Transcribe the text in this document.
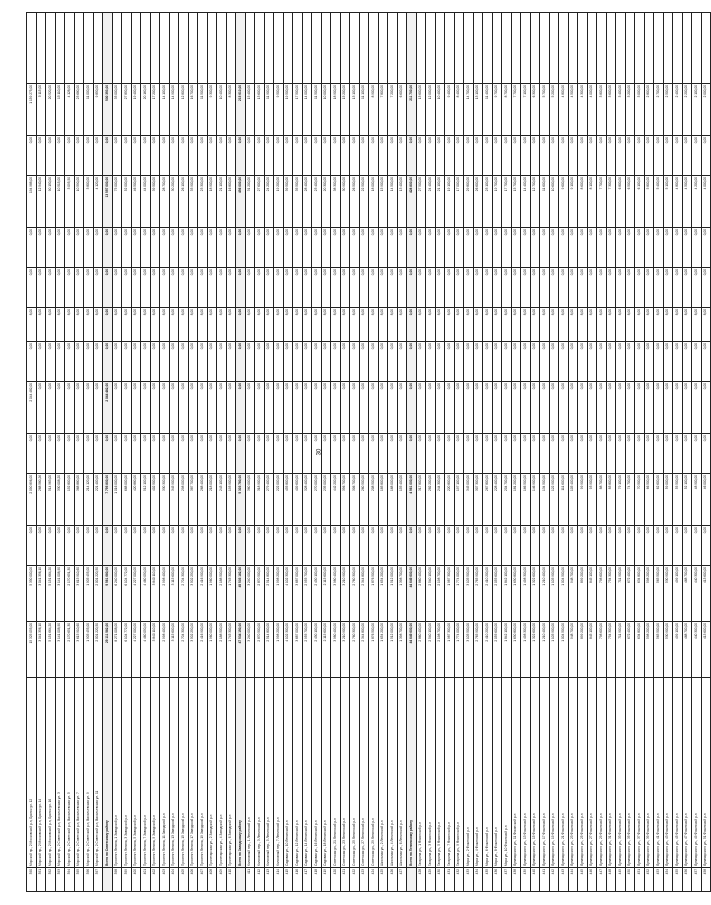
390	Морской пр., 2 Московский р-н, Брянск ул. 12	15 325 055,00	5 330 000,00	0,00	2 090 896,00	0,00	2 044 482,00	0,00	8,00	0,00	0,00	194 988,00	0,00	1 159 275,00	
391	Морской пр., 2 Московский р-н, Брянск ул. 14	3 041 356,10	3 041 356,10	0,00	268 580,26	0,00	0,00	0,00	8,00	0,00	0,00	12 540,00	0,00	5 115,00	
392	Морской пр., 2 Московский р-н, Брянск ул. 16	5 151 664,20	5 151 664,20	0,00	514 963,00	0,00	0,00	0,00	8,00	0,00	0,00	90 150,00	0,00	20 520,00	
393	Морской пр., 2 Советский р-н, Васильевская ул. 3	3 141 008,90	3 141 008,90	0,00	330 008,20	0,00	0,00	0,00	8,00	0,00	0,00	10 515,00	0,00	15 110,00	
394	Морской пр., 2 Советский р-н, Васильевская ул. 5	2 170 651,30	2 170 651,30	0,00	152 800,00	0,00	0,00	0,00	8,00	0,00	0,00	3 095,50	0,00	4 128,00	
395	Морской пр., 2 Советский р-н, Васильевская ул. 7	3 615 910,60	3 615 910,60	0,00	368 880,00	0,00	0,00	0,00	8,00	0,00	0,00	10 590,00	0,00	23 680,00	
396	Морской пр., 2 Советский р-н, Васильевская ул. 9	1 905 455,00	1 905 455,00	0,00	214 120,00	0,00	0,00	0,00	8,00	0,00	0,00	3 800,00	0,00	11 000,00	
397	Морской пр., 2 Советский р-н, Васильевская ул. 11	2 001 220,50	2 001 220,50	0,00	221 400,00	0,00	0,00	0,00	8,00	0,00	0,00	4 120,00	0,00	9 850,00	
	Всего по Советскому району	29 111 582,00	9 561 680,00	0,00	7 795 800,00	0,00	2 044 482,00	0,00	0,00	0,00	0,00	13 597 000,00	0,00	500 393,00	
398	Проспект Ленина, 1 Заводской р-н	8 271 008,00	6 240 000,00	0,00	1 016 000,00	0,00	0,00	0,00	8,00	0,00	0,00	75 000,00	0,00	33 000,00	
399	Проспект Ленина, 3 Заводской р-н	6 104 772,00	6 104 772,00	0,00	668 000,00	0,00	0,00	0,00	8,00	0,00	0,00	52 000,00	0,00	27 850,00	
400	Проспект Ленина, 5 Заводской р-н	4 227 000,00	4 227 000,00	0,00	420 880,00	0,00	0,00	0,00	8,00	0,00	0,00	46 500,00	0,00	19 400,00	
401	Проспект Ленина, 7 Заводской р-н	4 460 050,00	4 460 050,00	0,00	512 100,00	0,00	0,00	0,00	8,00	0,00	0,00	44 000,00	0,00	20 160,00	
402	Проспект Ленина, 9 Заводской р-н	3 840 110,00	3 840 110,00	0,00	402 500,00	0,00	0,00	0,00	8,00	0,00	0,00	39 500,00	0,00	17 200,00	
403	Проспект Ленина, 11 Заводской р-н	2 998 400,00	2 998 400,00	0,00	330 300,00	0,00	0,00	0,00	8,00	0,00	0,00	28 700,00	0,00	14 100,00	
404	Проспект Ленина, 13 Заводской р-н	3 115 600,00	3 115 600,00	0,00	345 900,00	0,00	0,00	0,00	8,00	0,00	0,00	30 200,00	0,00	14 900,00	
405	Проспект Ленина, 15 Заводской р-н	2 704 300,00	2 704 300,00	0,00	298 000,00	0,00	0,00	0,00	8,00	0,00	0,00	26 100,00	0,00	12 800,00	
406	Проспект Ленина, 17 Заводской р-н	3 502 250,00	3 502 250,00	0,00	387 700,00	0,00	0,00	0,00	8,00	0,00	0,00	33 900,00	0,00	16 700,00	
407	Проспект Ленина, 19 Заводской р-н	2 416 900,00	2 416 900,00	0,00	268 400,00	0,00	0,00	0,00	8,00	0,00	0,00	23 300,00	0,00	11 500,00	
408	Пролетарская ул., 2 Заводской р-н	1 960 000,00	1 960 000,00	0,00	218 000,00	0,00	0,00	0,00	8,00	0,00	0,00	18 900,00	0,00	9 300,00	
409	Пролетарская ул., 4 Заводской р-н	2 188 500,00	2 188 500,00	0,00	243 100,00	0,00	0,00	0,00	8,00	0,00	0,00	21 100,00	0,00	10 400,00	
410	Пролетарская ул., 6 Заводской р-н	1 745 300,00	1 745 300,00	0,00	193 900,00	0,00	0,00	0,00	8,00	0,00	0,00	16 800,00	0,00	8 300,00	
	Всего по Заводскому району	47 534 190,00	45 503 182,00	0,00	5 303 780,00	0,00	0,00	0,00	0,00	0,00	0,00	456 000,00	0,00	215 610,00	
411	Колхозный пер., 1 Ленинский р-н	3 240 000,00	3 240 000,00	0,00	360 000,00	0,00	0,00	0,00	8,00	0,00	0,00	31 200,00	0,00	15 400,00	
412	Колхозный пер., 3 Ленинский р-н	2 870 500,00	2 870 500,00	0,00	318 900,00	0,00	0,00	0,00	8,00	0,00	0,00	27 600,00	0,00	13 600,00	
413	Колхозный пер., 5 Ленинский р-н	2 514 800,00	2 514 800,00	0,00	279 400,00	0,00	0,00	0,00	8,00	0,00	0,00	24 200,00	0,00	11 900,00	
414	Колхозный пер., 7 Ленинский р-н	1 998 200,00	1 998 200,00	0,00	222 000,00	0,00	0,00	0,00	8,00	0,00	0,00	19 200,00	0,00	9 500,00	
415	Садовая ул., 10 Ленинский р-н	4 102 300,00	4 102 300,00	0,00	455 800,00	0,00	0,00	0,00	8,00	0,00	0,00	39 500,00	0,00	19 500,00	
416	Садовая ул., 12 Ленинский р-н	3 687 000,00	3 687 000,00	0,00	409 600,00	0,00	0,00	0,00	8,00	0,00	0,00	35 500,00	0,00	17 500,00	
417	Садовая ул., 14 Ленинский р-н	2 955 700,00	2 955 700,00	0,00	328 400,00	0,00	0,00	0,00	8,00	0,00	0,00	28 400,00	0,00	14 000,00	
418	Садовая ул., 16 Ленинский р-н	2 430 100,00	2 430 100,00	0,00	270 000,00	0,00	0,00	0,00	8,00	0,00	0,00	23 400,00	0,00	11 500,00	
419	Садовая ул., 18 Ленинский р-н	2 115 600,00	2 115 600,00	0,00	235 000,00	0,00	0,00	0,00	8,00	0,00	0,00	20 300,00	0,00	10 000,00	
420	Советская ул., 21 Ленинский р-н	3 980 400,00	3 980 400,00	0,00	442 200,00	0,00	0,00	0,00	8,00	0,00	0,00	38 300,00	0,00	18 900,00	
421	Советская ул., 23 Ленинский р-н	3 210 900,00	3 210 900,00	0,00	356 700,00	0,00	0,00	0,00	8,00	0,00	0,00	30 900,00	0,00	15 200,00	
422	Советская ул., 25 Ленинский р-н	2 760 300,00	2 760 300,00	0,00	306 700,00	0,00	0,00	0,00	8,00	0,00	0,00	26 500,00	0,00	13 100,00	
423	Советская ул., 27 Ленинский р-н	2 344 800,00	2 344 800,00	0,00	260 500,00	0,00	0,00	0,00	8,00	0,00	0,00	22 500,00	0,00	11 100,00	
424	Советская ул., 29 Ленинский р-н	1 876 500,00	1 876 500,00	0,00	208 500,00	0,00	0,00	0,00	8,00	0,00	0,00	18 000,00	0,00	8 900,00	
425	Школьная ул., 2 Ленинский р-н	1 654 200,00	1 654 200,00	0,00	183 800,00	0,00	0,00	0,00	8,00	0,00	0,00	15 900,00	0,00	7 800,00	
426	Школьная ул., 4 Ленинский р-н	1 512 000,00	1 512 000,00	0,00	168 000,00	0,00	0,00	0,00	8,00	0,00	0,00	14 500,00	0,00	7 200,00	
427	Школьная ул., 6 Ленинский р-н	1 398 700,00	1 398 700,00	0,00	155 400,00	0,00	0,00	0,00	8,00	0,00	0,00	13 400,00	0,00	6 600,00	
	Всего по Ленинскому району	44 649 600,00	44 649 600,00	0,00	4 961 000,00	0,00	0,00	0,00	0,00	0,00	0,00	428 800,00	0,00	211 700,00	
428	Гагарина ул., 1 Фокинский р-н	2 860 400,00	2 860 400,00	0,00	317 800,00	0,00	0,00	0,00	8,00	0,00	0,00	27 500,00	0,00	13 600,00	
429	Гагарина ул., 3 Фокинский р-н	2 540 100,00	2 540 100,00	0,00	282 200,00	0,00	0,00	0,00	8,00	0,00	0,00	24 400,00	0,00	12 000,00	
430	Гагарина ул., 5 Фокинский р-н	2 198 700,00	2 198 700,00	0,00	244 300,00	0,00	0,00	0,00	8,00	0,00	0,00	21 100,00	0,00	10 400,00	
431	Гагарина ул., 7 Фокинский р-н	1 987 300,00	1 987 300,00	0,00	220 800,00	0,00	0,00	0,00	8,00	0,00	0,00	19 100,00	0,00	9 400,00	
432	Гагарина ул., 9 Фокинский р-н	1 774 000,00	1 774 000,00	0,00	197 100,00	0,00	0,00	0,00	8,00	0,00	0,00	17 000,00	0,00	8 400,00	
433	Мира ул., 2 Фокинский р-н	3 105 500,00	3 105 500,00	0,00	345 000,00	0,00	0,00	0,00	8,00	0,00	0,00	29 800,00	0,00	14 700,00	
434	Мира ул., 4 Фокинский р-н	2 765 900,00	2 765 900,00	0,00	307 300,00	0,00	0,00	0,00	8,00	0,00	0,00	26 600,00	0,00	13 100,00	
435	Мира ул., 6 Фокинский р-н	2 410 200,00	2 410 200,00	0,00	267 800,00	0,00	0,00	0,00	8,00	0,00	0,00	23 100,00	0,00	11 400,00	
436	Мира ул., 8 Фокинский р-н	2 055 600,00	2 055 600,00	0,00	228 400,00	0,00	0,00	0,00	8,00	0,00	0,00	19 700,00	0,00	9 700,00	
437	Мира ул., 10 Фокинский р-н	1 842 100,00	1 842 100,00	0,00	204 700,00	0,00	0,00	0,00	8,00	0,00	0,00	17 700,00	0,00	8 700,00	
438	Луначарского ул., 11 Фокинский р-н	1 630 800,00	1 630 800,00	0,00	181 200,00	0,00	0,00	0,00	8,00	0,00	0,00	15 700,00	0,00	7 700,00	
439	Луначарского ул., 13 Фокинский р-н	1 498 300,00	1 498 300,00	0,00	166 500,00	0,00	0,00	0,00	8,00	0,00	0,00	14 400,00	0,00	7 100,00	
440	Луначарского ул., 15 Фокинский р-н	1 322 600,00	1 322 600,00	0,00	146 900,00	0,00	0,00	0,00	8,00	0,00	0,00	12 700,00	0,00	6 300,00	
441	Луначарского ул., 17 Фокинский р-н	1 210 400,00	1 210 400,00	0,00	134 500,00	0,00	0,00	0,00	8,00	0,00	0,00	11 600,00	0,00	5 700,00	
442	Луначарского ул., 19 Фокинский р-н	1 105 900,00	1 105 900,00	0,00	122 900,00	0,00	0,00	0,00	8,00	0,00	0,00	10 600,00	0,00	5 200,00	
443	Луначарского ул., 21 Фокинский р-н	1 004 500,00	1 004 500,00	0,00	111 600,00	0,00	0,00	0,00	8,00	0,00	0,00	9 600,00	0,00	4 800,00	
444	Луначарского ул., 23 Фокинский р-н	948 700,00	948 700,00	0,00	105 400,00	0,00	0,00	0,00	8,00	0,00	0,00	9 100,00	0,00	4 500,00	
445	Луначарского ул., 25 Фокинский р-н	899 200,00	899 200,00	0,00	99 900,00	0,00	0,00	0,00	8,00	0,00	0,00	8 600,00	0,00	4 300,00	
446	Луначарского ул., 27 Фокинский р-н	845 100,00	845 100,00	0,00	93 900,00	0,00	0,00	0,00	8,00	0,00	0,00	8 100,00	0,00	4 000,00	
447	Луначарского ул., 29 Фокинский р-н	798 600,00	798 600,00	0,00	88 700,00	0,00	0,00	0,00	8,00	0,00	0,00	7 700,00	0,00	3 800,00	
448	Луначарского ул., 31 Фокинский р-н	754 300,00	754 300,00	0,00	83 800,00	0,00	0,00	0,00	8,00	0,00	0,00	7 300,00	0,00	3 600,00	
449	Луначарского ул., 33 Фокинский р-н	711 900,00	711 900,00	0,00	79 100,00	0,00	0,00	0,00	8,00	0,00	0,00	6 800,00	0,00	3 400,00	
450	Луначарского ул., 35 Фокинский р-н	672 400,00	672 400,00	0,00	74 700,00	0,00	0,00	0,00	8,00	0,00	0,00	6 500,00	0,00	3 200,00	
451	Луначарского ул., 37 Фокинский р-н	634 800,00	634 800,00	0,00	70 500,00	0,00	0,00	0,00	8,00	0,00	0,00	6 100,00	0,00	3 000,00	
452	Луначарского ул., 39 Фокинский р-н	598 200,00	598 200,00	0,00	66 500,00	0,00	0,00	0,00	8,00	0,00	0,00	5 800,00	0,00	2 800,00	
453	Луначарского ул., 41 Фокинский р-н	563 500,00	563 500,00	0,00	62 600,00	0,00	0,00	0,00	8,00	0,00	0,00	5 400,00	0,00	2 700,00	
454	Луначарского ул., 43 Фокинский р-н	530 900,00	530 900,00	0,00	59 000,00	0,00	0,00	0,00	8,00	0,00	0,00	5 100,00	0,00	2 500,00	
455	Луначарского ул., 45 Фокинский р-н	499 100,00	499 100,00	0,00	55 500,00	0,00	0,00	0,00	8,00	0,00	0,00	4 800,00	0,00	2 400,00	
456	Луначарского ул., 47 Фокинский р-н	468 700,00	468 700,00	0,00	52 100,00	0,00	0,00	0,00	8,00	0,00	0,00	4 500,00	0,00	2 200,00	
457	Луначарского ул., 49 Фокинский р-н	440 300,00	440 300,00	0,00	48 900,00	0,00	0,00	0,00	8,00	0,00	0,00	4 200,00	0,00	2 100,00	
458	Луначарского ул., 51 Фокинский р-н	413 600,00	413 600,00	0,00	46 000,00	0,00	0,00	0,00	8,00	0,00	0,00	4 000,00	0,00	2 000,00	
30
